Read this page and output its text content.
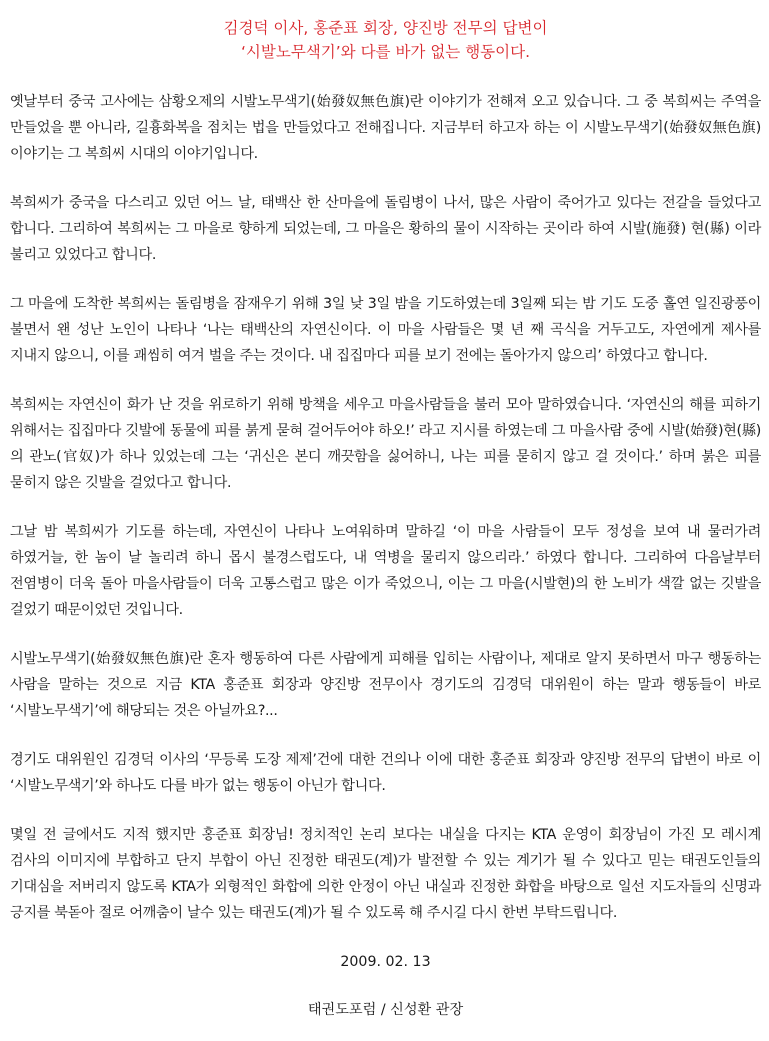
김경덕 이사, 홍준표 회장, 양진방 전무의 답변이
‘시발노무색기’와 다를 바가 없는 행동이다.

옛날부터 중국 고사에는 삼황오제의 시발노무색기(始發奴無色旗)란 이야기가 전해져 오고 있습니다. 그 중 복희씨는 주역을 만들었을 뿐 아니라, 길흉화복을 점치는 법을 만들었다고 전해집니다. 지금부터 하고자 하는 이 시발노무색기(始發奴無色旗) 이야기는 그 복희씨 시대의 이야기입니다.

복희씨가 중국을 다스리고 있던 어느 날, 태백산 한 산마을에 돌림병이 나서, 많은 사람이 죽어가고 있다는 전갈을 들었다고 합니다. 그리하여 복희씨는 그 마을로 향하게 되었는데, 그 마을은 황하의 물이 시작하는 곳이라 하여 시발(施發) 현(縣) 이라 불리고 있었다고 합니다.

그 마을에 도착한 복희씨는 돌림병을 잠재우기 위해 3일 낮 3일 밤을 기도하였는데 3일째 되는 밤 기도 도중 홀연 일진광풍이 불면서 왠 성난 노인이 나타나 ‘나는 태백산의 자연신이다. 이 마을 사람들은 몇 년 째 곡식을 거두고도, 자연에게 제사를 지내지 않으니, 이를 괘씸히 여겨 벌을 주는 것이다. 내 집집마다 피를 보기 전에는 돌아가지 않으리’ 하였다고 합니다.

복희씨는 자연신이 화가 난 것을 위로하기 위해 방책을 세우고 마을사람들을 불러 모아 말하였습니다. ‘자연신의 해를 피하기 위해서는 집집마다 깃발에 동물에 피를 붉게 묻혀 걸어두어야 하오!’ 라고 지시를 하였는데 그 마을사람 중에 시발(始發)현(縣)의 관노(官奴)가 하나 있었는데 그는 ‘귀신은 본디 깨끗함을 싫어하니, 나는 피를 묻히지 않고 걸 것이다.’ 하며 붉은 피를 묻히지 않은 깃발을 걸었다고 합니다.

그날 밤 복희씨가 기도를 하는데, 자연신이 나타나 노여워하며 말하길 ‘이 마을 사람들이 모두 정성을 보여 내 물러가려 하였거늘, 한 놈이 날 놀리려 하니 몹시 불경스럽도다, 내 역병을 물리지 않으리라.’ 하였다 합니다. 그리하여 다음날부터 전염병이 더욱 돌아 마을사람들이 더욱 고통스럽고 많은 이가 죽었으니, 이는 그 마을(시발현)의 한 노비가 색깔 없는 깃발을 걸었기 때문이었던 것입니다.

시발노무색기(始發奴無色旗)란 혼자 행동하여 다른 사람에게 피해를 입히는 사람이나, 제대로 알지 못하면서 마구 행동하는 사람을 말하는 것으로 지금 KTA 홍준표 회장과 양진방 전무이사 경기도의 김경덕 대위원이 하는 말과 행동들이 바로 ‘시발노무색기’에 해당되는 것은 아닐까요?...

경기도 대위원인 김경덕 이사의 ‘무등록 도장 제제’건에 대한 건의나 이에 대한 홍준표 회장과 양진방 전무의 답변이 바로 이 ‘시발노무색기’와 하나도 다를 바가 없는 행동이 아닌가 합니다.

몇일 전 글에서도 지적 했지만 홍준표 회장님! 정치적인 논리 보다는 내실을 다지는 KTA 운영이 회장님이 가진 모 레시계 검사의 이미지에 부합하고 단지 부합이 아닌 진정한 태권도(계)가 발전할 수 있는 계기가 될 수 있다고 믿는 태권도인들의 기대심을 저버리지 않도록 KTA가 외형적인 화합에 의한 안정이 아닌 내실과 진정한 화합을 바탕으로 일선 지도자들의 신명과 긍지를 북돋아 절로 어깨춤이 날수 있는 태권도(계)가 될 수 있도록 해 주시길 다시 한번 부탁드립니다.

2009. 02. 13
태권도포럼 / 신성환 관장
